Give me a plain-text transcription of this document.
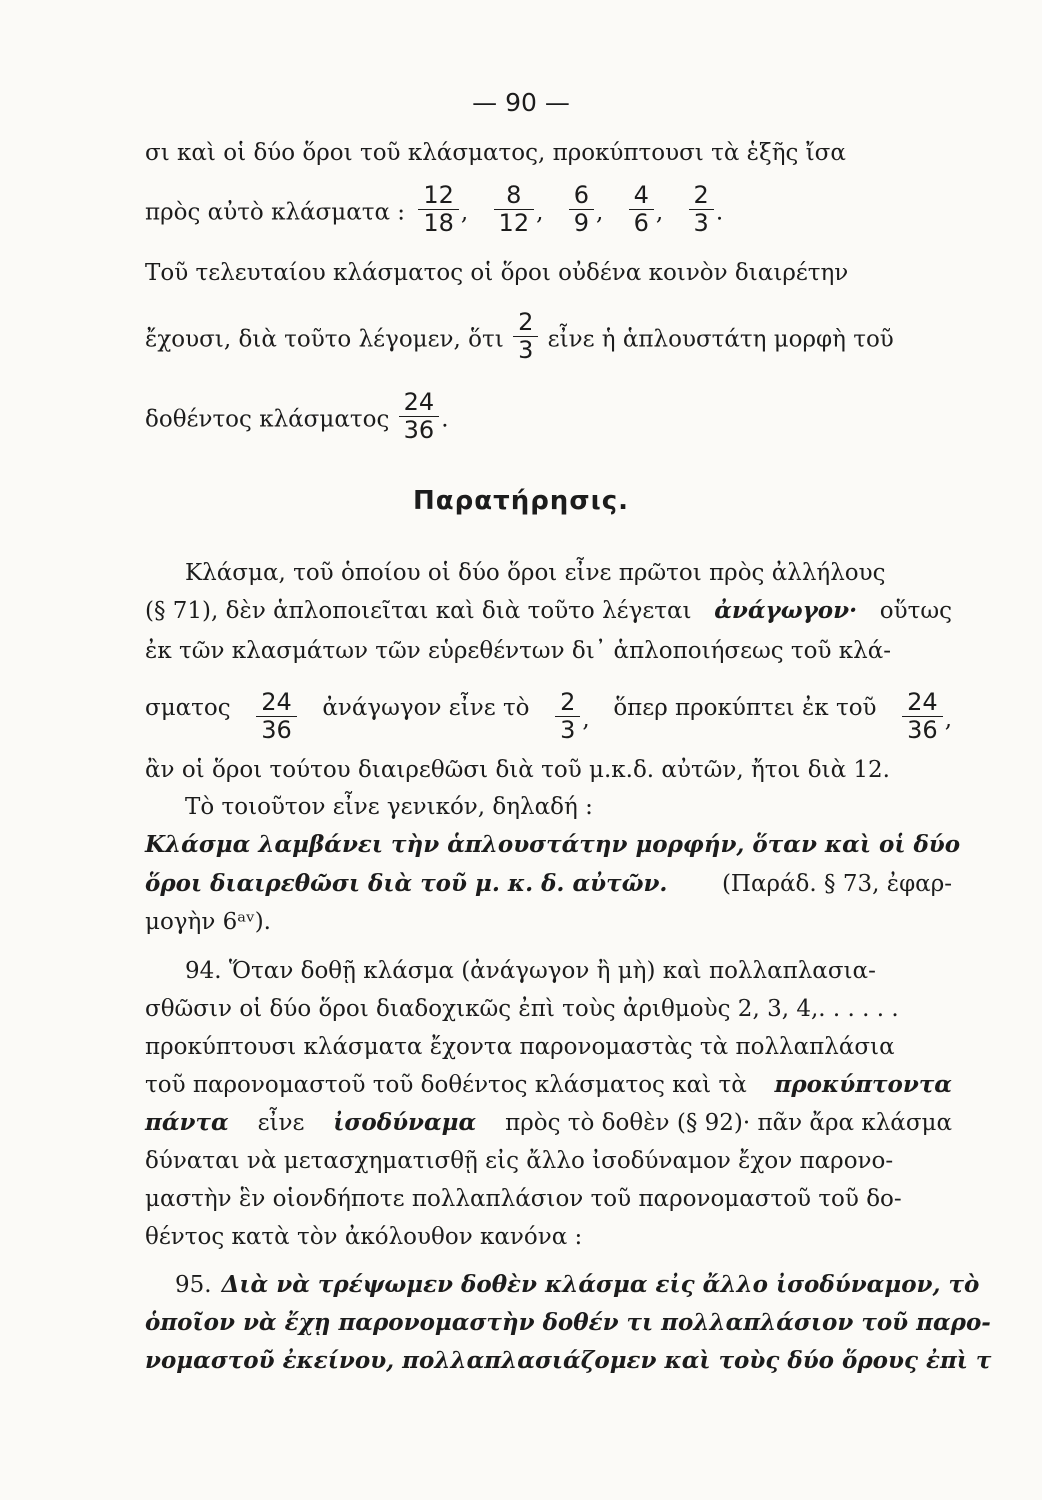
— 90 —
σι καὶ οἱ δύο ὅροι τοῦ κλάσματος, προκύπτουσι τὰ ἑξῆς ἴσα
πρὸς αὐτὸ κλάσματα : $\frac{12}{18}$ , $\frac{8}{12}$ , $\frac{6}{9}$ , $\frac{4}{6}$ , $\frac{2}{3}$ .
Τοῦ τελευταίου κλάσματος οἱ ὅροι οὐδένα κοινὸν διαιρέτην
ἔχουσι, διὰ τοῦτο λέγομεν, ὅτι $\frac{2}{3}$ εἶνε ἡ ἁπλουστάτη μορφὴ τοῦ
δοθέντος κλάσματος $\frac{24}{36}$ .
Παρατήρησις.
Κλάσμα, τοῦ ὁποίου οἱ δύο ὅροι εἶνε πρῶτοι πρὸς ἀλλήλους
(§ 71), δὲν ἁπλοποιεῖται καὶ διὰ τοῦτο λέγεται ἀνάγωγον· οὕτως
ἐκ τῶν κλασμάτων τῶν εὑρεθέντων δι᾽ ἁπλοποιήσεως τοῦ κλά-
σματος 24
36
ἀνάγωγον εἶνε τὸ $\frac{2}{3}$ , ὅπερ προκύπτει ἐκ τοῦ $\frac{24}{36}$ ,
ἂν οἱ ὅροι τούτου διαιρεθῶσι διὰ τοῦ μ.κ.δ. αὐτῶν, ἤτοι διὰ 12.
Τὸ τοιοῦτον εἶνε γενικόν, δηλαδή :
Κλάσμα λαμβάνει τὴν ἁπλουστάτην μορφήν, ὅταν καὶ οἱ δύο
ὅροι διαιρεθῶσι διὰ τοῦ μ. κ. δ. αὐτῶν. (Παράδ. § 73, ἐφαρ-
μογὴν 6ᵃᵛ).
94. Ὅταν δοθῇ κλάσμα (ἀνάγωγον ἢ μὴ) καὶ πολλαπλασια-
σθῶσιν οἱ δύο ὅροι διαδοχικῶς ἐπὶ τοὺς ἀριθμοὺς 2, 3, 4,. . . . . .
προκύπτουσι κλάσματα ἔχοντα παρονομαστὰς τὰ πολλαπλάσια
τοῦ παρονομαστοῦ τοῦ δοθέντος κλάσματος καὶ τὰ προκύπτοντα
πάντα εἶνε ἰσοδύναμα πρὸς τὸ δοθὲν (§ 92)· πᾶν ἄρα κλάσμα
δύναται νὰ μετασχηματισθῇ εἰς ἄλλο ἰσοδύναμον ἔχον παρονο-
μαστὴν ἓν οἱονδήποτε πολλαπλάσιον τοῦ παρονομαστοῦ τοῦ δο-
θέντος κατὰ τὸν ἀκόλουθον κανόνα :
95. Διὰ νὰ τρέψωμεν δοθὲν κλάσμα εἰς ἄλλο ἰσοδύναμον, τὸ
ὁποῖον νὰ ἔχῃ παρονομαστὴν δοθέν τι πολλαπλάσιον τοῦ παρο-
νομαστοῦ ἐκείνου, πολλαπλασιάζομεν καὶ τοὺς δύο ὅρους ἐπὶ τ
